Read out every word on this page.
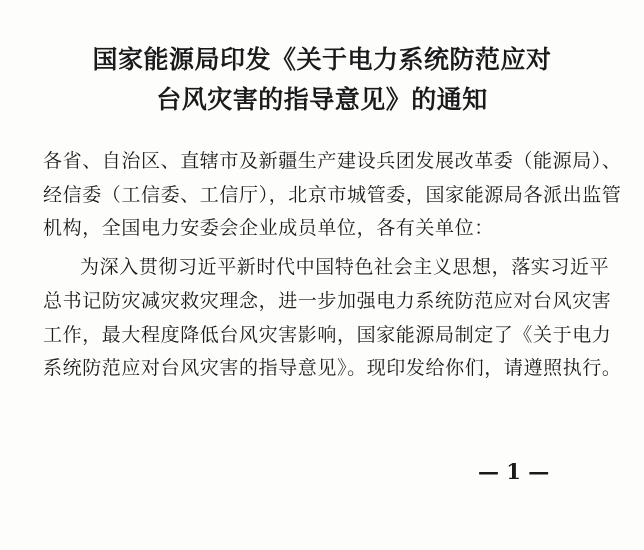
国家能源局印发《关于电力系统防范应对
台风灾害的指导意见》的通知
各省、自治区、直辖市及新疆生产建设兵团发展改革委（能源局）、
经信委（工信委、工信厅），北京市城管委，国家能源局各派出监管
机构，全国电力安委会企业成员单位，各有关单位：
为深入贯彻习近平新时代中国特色社会主义思想，落实习近平
总书记防灾减灾救灾理念，进一步加强电力系统防范应对台风灾害
工作，最大程度降低台风灾害影响，国家能源局制定了《关于电力
系统防范应对台风灾害的指导意见》。现印发给你们，请遵照执行。
— 1 —
